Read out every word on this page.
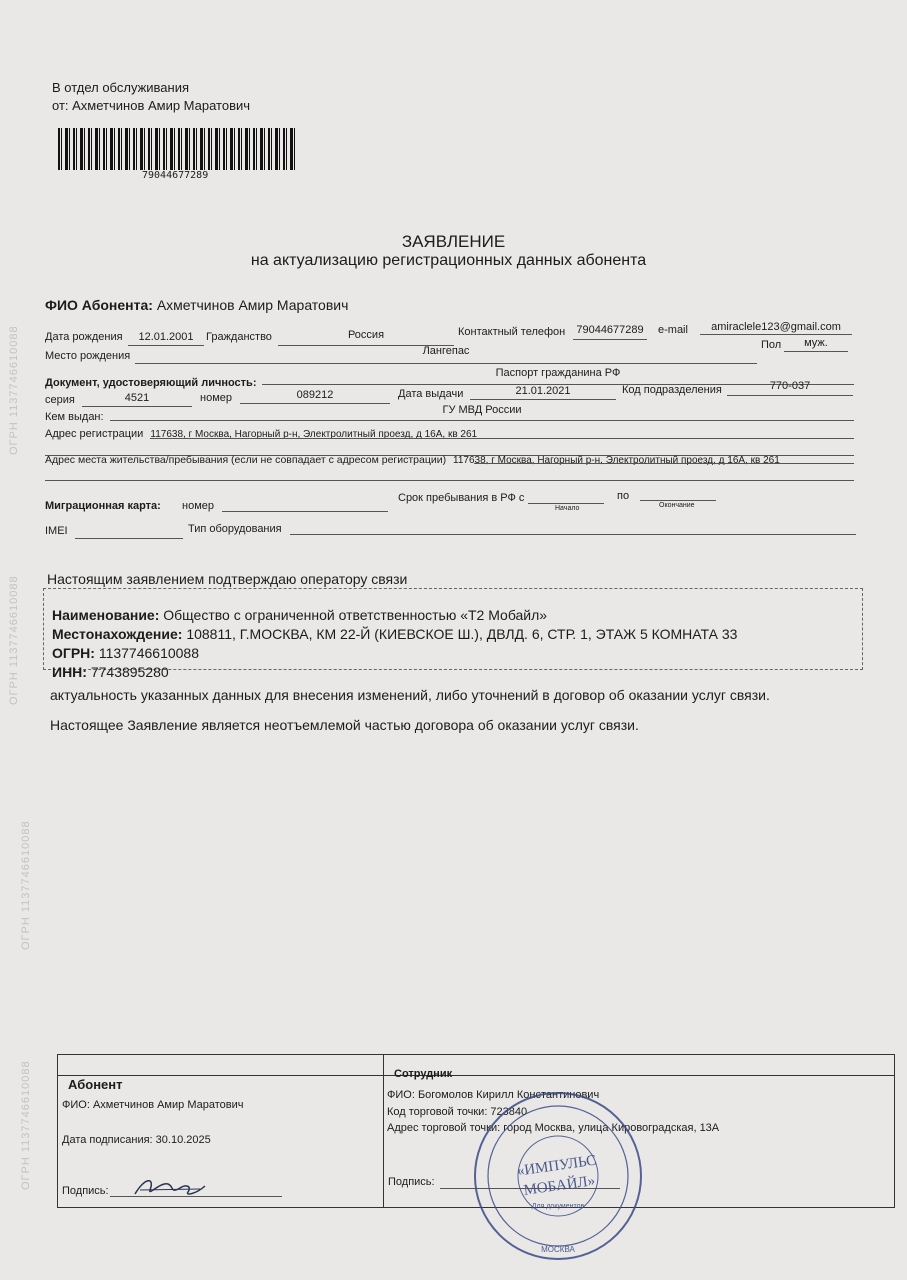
ОГРН 1137746610088
ОГРН 1137746610088
ОГРН 1137746610088
ОГРН 1137746610088
В отдел обслуживания
от: Ахметчинов Амир Маратович
79044677289
ЗАЯВЛЕНИЕ
на актуализацию регистрационных данных абонента
ФИО Абонента: Ахметчинов Амир Маратович
Дата рождения	12.01.2001	Гражданство	Россия	Контактный телефон	79044677289	e-mail	amiraclele123@gmail.com
Место рождения	Лангепас	Пол	муж.
Документ, удостоверяющий личность:
Паспорт гражданина РФ
серия	4521	номер	089212	Дата выдачи	21.01.2021	Код подразделения	770-037
Кем выдан:
ГУ МВД России
Адрес регистрации 117638, г Москва, Нагорный р-н, Электролитный проезд, д 16А, кв 261
Адрес места жительства/пребывания (если не совпадает с адресом регистрации) 117638, г Москва, Нагорный р-н, Электролитный проезд, д 16А, кв 261
Миграционная карта: номер
Срок пребывания в РФ с
Начало
по
Окончание
IMEI	Тип оборудования
Настоящим заявлением подтверждаю оператору связи
Наименование: Общество с ограниченной ответственностью «Т2 Мобайл»
Местонахождение: 108811, Г.МОСКВА, КМ 22-Й (КИЕВСКОЕ Ш.), ДВЛД. 6, СТР. 1, ЭТАЖ 5 КОМНАТА 33
ОГРН: 1137746610088
ИНН: 7743895280
актуальность указанных данных для внесения изменений, либо уточнений в договор об оказании услуг связи.
Настоящее Заявление является неотъемлемой частью договора об оказании услуг связи.
Абонент
Сотрудник
ФИО: Ахметчинов Амир Маратович
Дата подписания: 30.10.2025
Подпись:
ФИО: Богомолов Кирилл Константинович
Код торговой точки: 723840
Адрес торговой точки: город Москва, улица Кировоградская, 13А
Подпись:
«ИМПУЛЬС
МОБАЙЛ»
Для документов
МОСКВА
